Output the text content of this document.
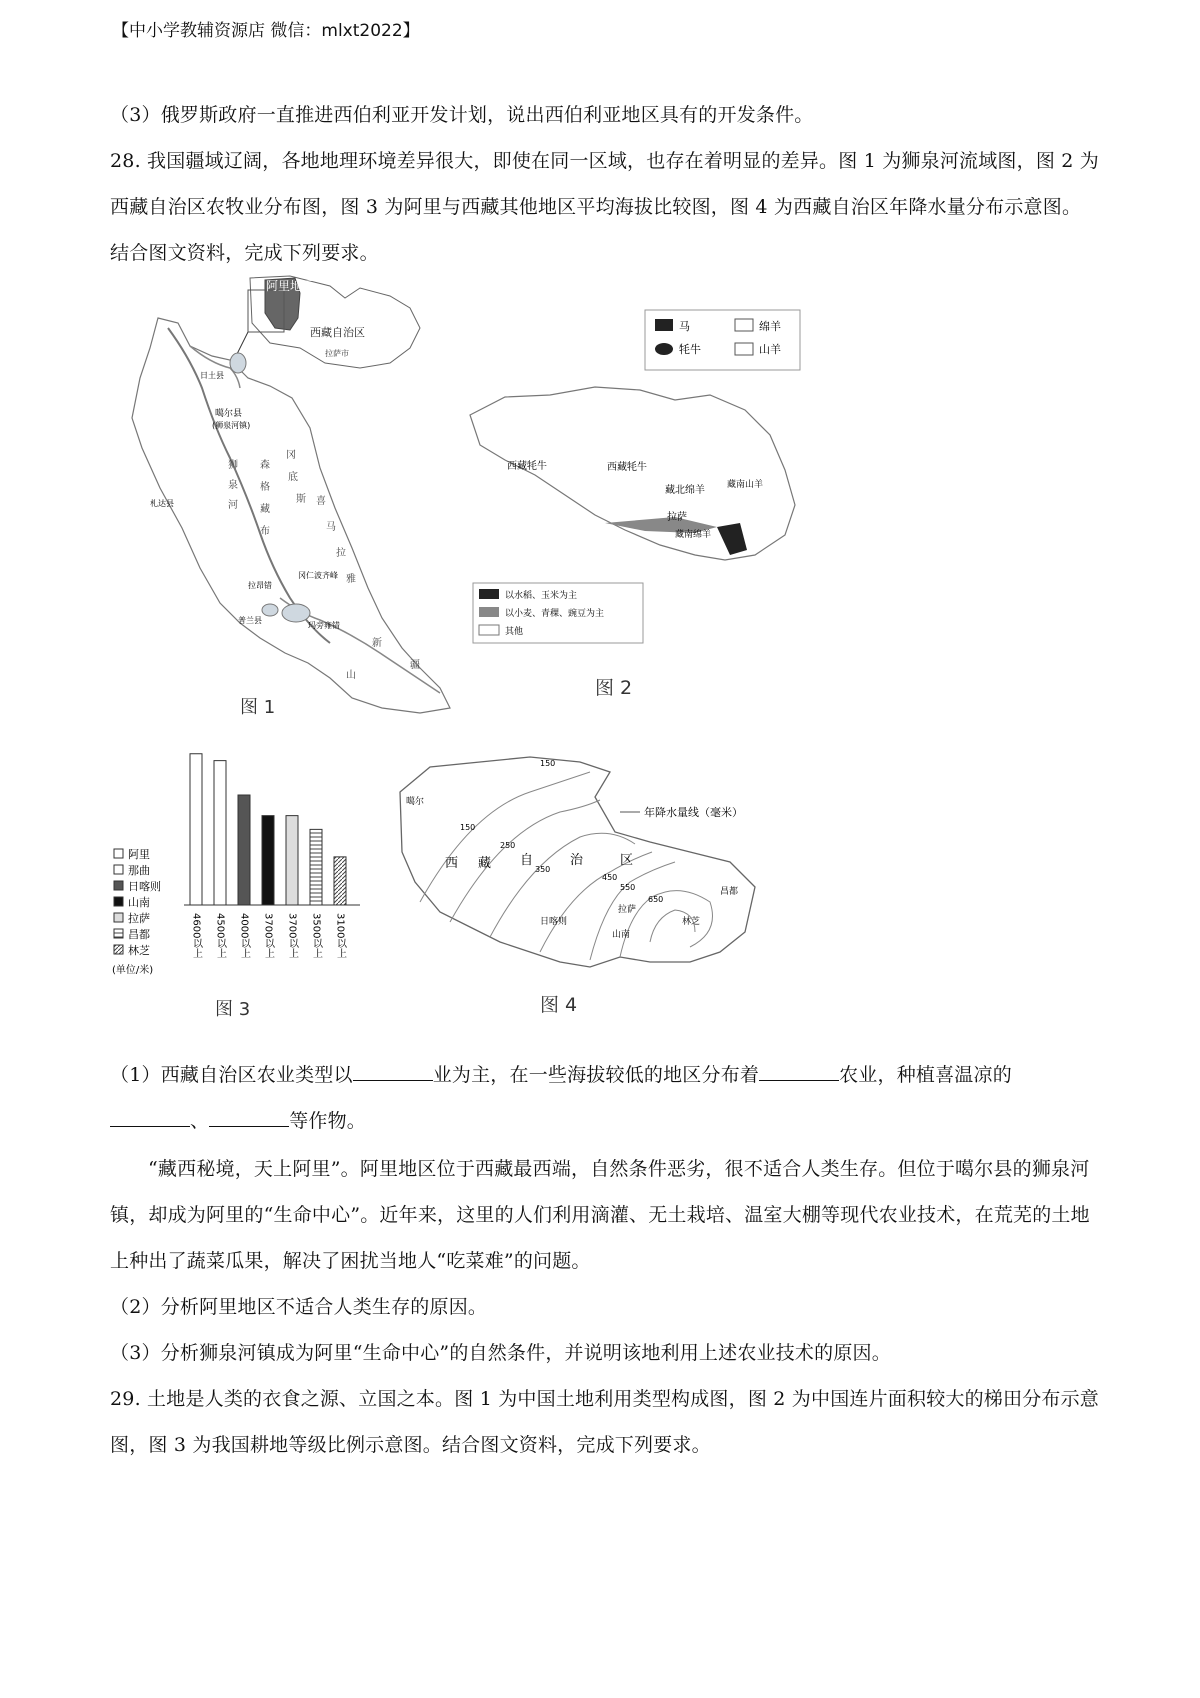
【中小学教辅资源店 微信：mlxt2022】
（3）俄罗斯政府一直推进西伯利亚开发计划，说出西伯利亚地区具有的开发条件。
28. 我国疆域辽阔，各地地理环境差异很大，即使在同一区域，也存在着明显的差异。图 1 为狮泉河流域图，图 2 为西藏自治区农牧业分布图，图 3 为阿里与西藏其他地区平均海拔比较图，图 4 为西藏自治区年降水量分布示意图。结合图文资料，完成下列要求。
阿里地区
西藏自治区
拉萨市
噶尔县
(狮泉河镇)
日土县
札达县
冈仁波齐峰
玛旁雍错
拉昂错
普兰县
狮
泉
河
森
格
藏
布
冈
底
斯
山
喜
马
拉
雅
新
疆
图 1
马	绵羊
牦牛	山羊
西藏牦牛	西藏牦牛
藏北绵羊 藏南山羊
拉萨
藏南绵羊
以水稻、玉米为主
以小麦、青稞、豌豆为主
其他
图 2
阿里
那曲
日喀则
山南
拉萨
昌都
林芝	4600以上 4500以上 4000以上 3700以上 3700以上 3500以上 3100以上
(单位/米)
图 3
150
150
250
350
450
550
650
噶尔
西 藏 自	治	区
日喀则
拉萨
山南
林芝
昌都
年降水量线（毫米）
图 4
（1）西藏自治区农业类型以	业为主，在一些海拔较低的地区分布着	农业，种植喜温凉的
、	等作物。
“藏西秘境，天上阿里”。阿里地区位于西藏最西端，自然条件恶劣，很不适合人类生存。但位于噶尔县的狮泉河镇，却成为阿里的“生命中心”。近年来，这里的人们利用滴灌、无土栽培、温室大棚等现代农业技术，在荒芜的土地上种出了蔬菜瓜果，解决了困扰当地人“吃菜难”的问题。
（2）分析阿里地区不适合人类生存的原因。
（3）分析狮泉河镇成为阿里“生命中心”的自然条件，并说明该地利用上述农业技术的原因。
29. 土地是人类的衣食之源、立国之本。图 1 为中国土地利用类型构成图，图 2 为中国连片面积较大的梯田分布示意图，图 3 为我国耕地等级比例示意图。结合图文资料，完成下列要求。
